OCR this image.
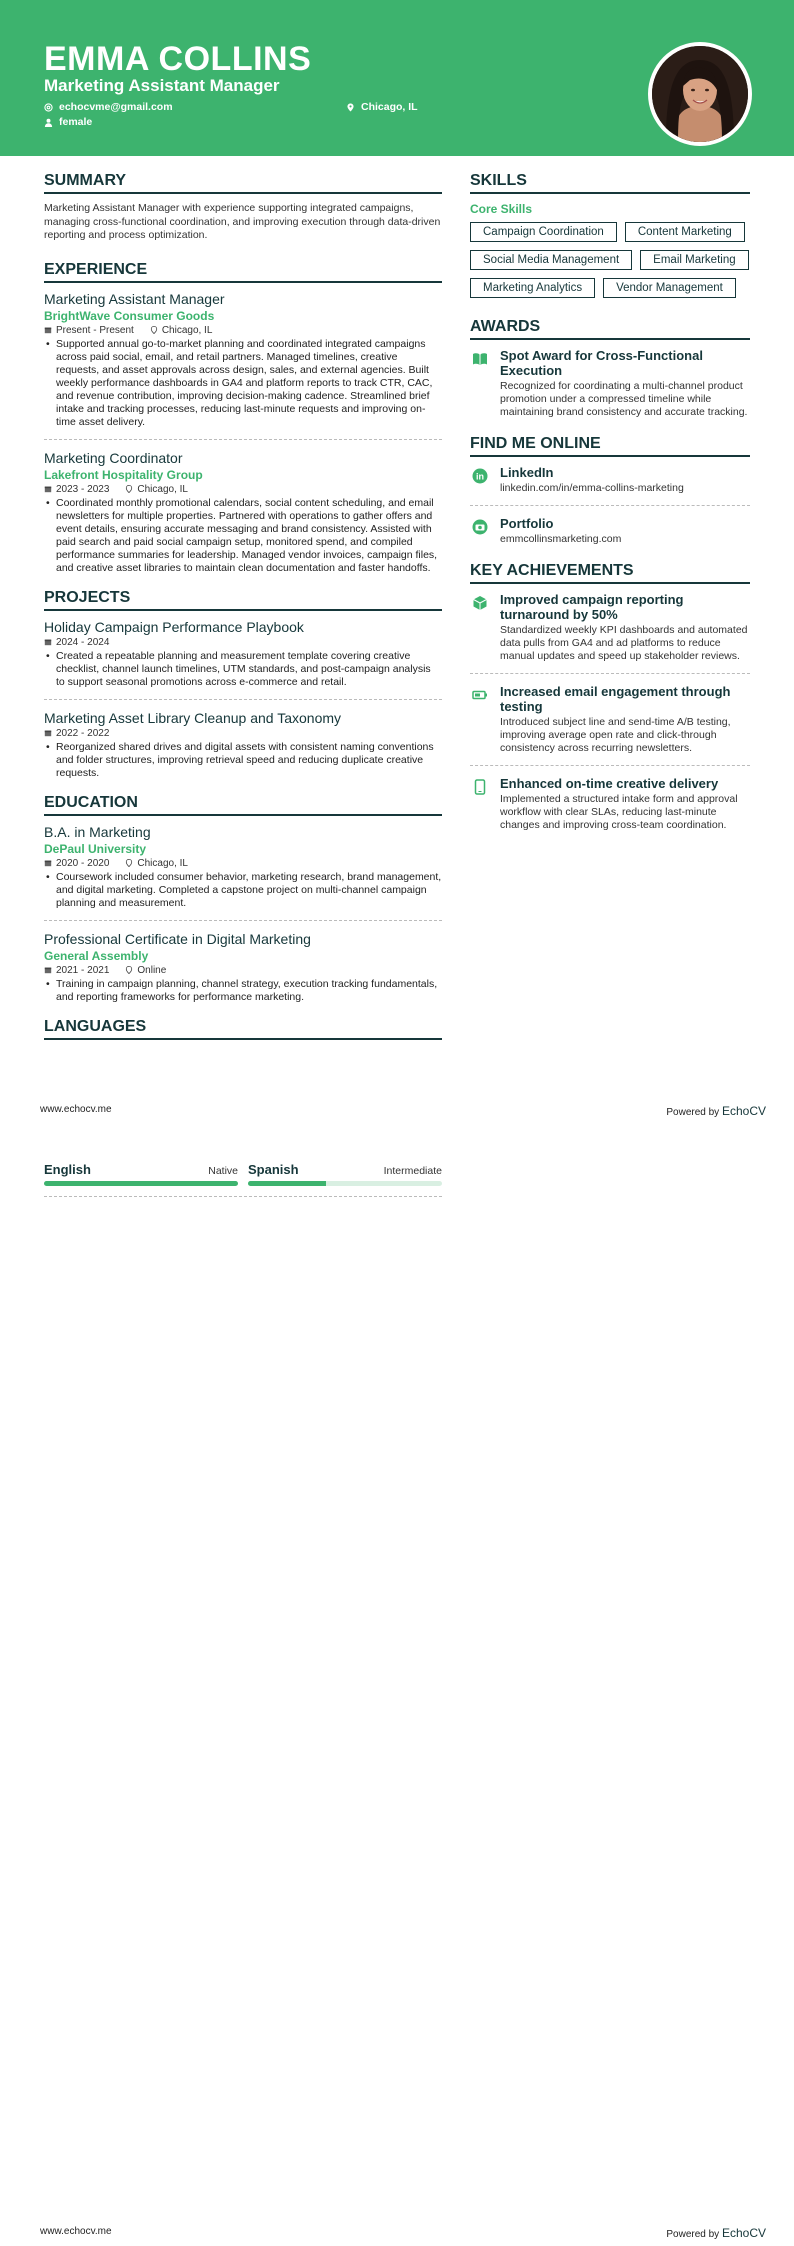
EMMA COLLINS
Marketing Assistant Manager
echocvme@gmail.com	Chicago, IL
female
SUMMARY
Marketing Assistant Manager with experience supporting integrated campaigns, managing cross-functional coordination, and improving execution through data-driven reporting and process optimization.
EXPERIENCE
Marketing Assistant Manager
BrightWave Consumer Goods
Present - Present	Chicago, IL
• Supported annual go-to-market planning and coordinated integrated campaigns across paid social, email, and retail partners. Managed timelines, creative requests, and asset approvals across design, sales, and external agencies. Built weekly performance dashboards in GA4 and platform reports to track CTR, CAC, and revenue contribution, improving decision-making cadence. Streamlined brief intake and tracking processes, reducing last-minute requests and improving on-time asset delivery.
Marketing Coordinator
Lakefront Hospitality Group
2023 - 2023	Chicago, IL
• Coordinated monthly promotional calendars, social content scheduling, and email newsletters for multiple properties. Partnered with operations to gather offers and event details, ensuring accurate messaging and brand consistency. Assisted with paid search and paid social campaign setup, monitored spend, and compiled performance summaries for leadership. Managed vendor invoices, campaign files, and creative asset libraries to maintain clean documentation and faster handoffs.
PROJECTS
Holiday Campaign Performance Playbook
2024 - 2024
• Created a repeatable planning and measurement template covering creative checklist, channel launch timelines, UTM standards, and post-campaign analysis to support seasonal promotions across e-commerce and retail.
Marketing Asset Library Cleanup and Taxonomy
2022 - 2022
• Reorganized shared drives and digital assets with consistent naming conventions and folder structures, improving retrieval speed and reducing duplicate creative requests.
EDUCATION
B.A. in Marketing
DePaul University
2020 - 2020	Chicago, IL
• Coursework included consumer behavior, marketing research, brand management, and digital marketing. Completed a capstone project on multi-channel campaign planning and measurement.
Professional Certificate in Digital Marketing
General Assembly
2021 - 2021	Online
• Training in campaign planning, channel strategy, execution tracking fundamentals, and reporting frameworks for performance marketing.
LANGUAGES
SKILLS
Core Skills
Campaign Coordination	Content Marketing
Social Media Management	Email Marketing
Marketing Analytics	Vendor Management
AWARDS
Spot Award for Cross-Functional Execution
Recognized for coordinating a multi-channel product promotion under a compressed timeline while maintaining brand consistency and accurate tracking.
FIND ME ONLINE
in LinkedIn
linkedin.com/in/emma-collins-marketing
Portfolio
emmcollinsmarketing.com
KEY ACHIEVEMENTS
Improved campaign reporting turnaround by 50%
Standardized weekly KPI dashboards and automated data pulls from GA4 and ad platforms to reduce manual updates and speed up stakeholder reviews.
Increased email engagement through testing
Introduced subject line and send-time A/B testing, improving average open rate and click-through consistency across recurring newsletters.
Enhanced on-time creative delivery
Implemented a structured intake form and approval workflow with clear SLAs, reducing last-minute changes and improving cross-team coordination.
www.echocv.me	Powered by EchoCV
English	Native Spanish	Intermediate
www.echocv.me	Powered by EchoCV
